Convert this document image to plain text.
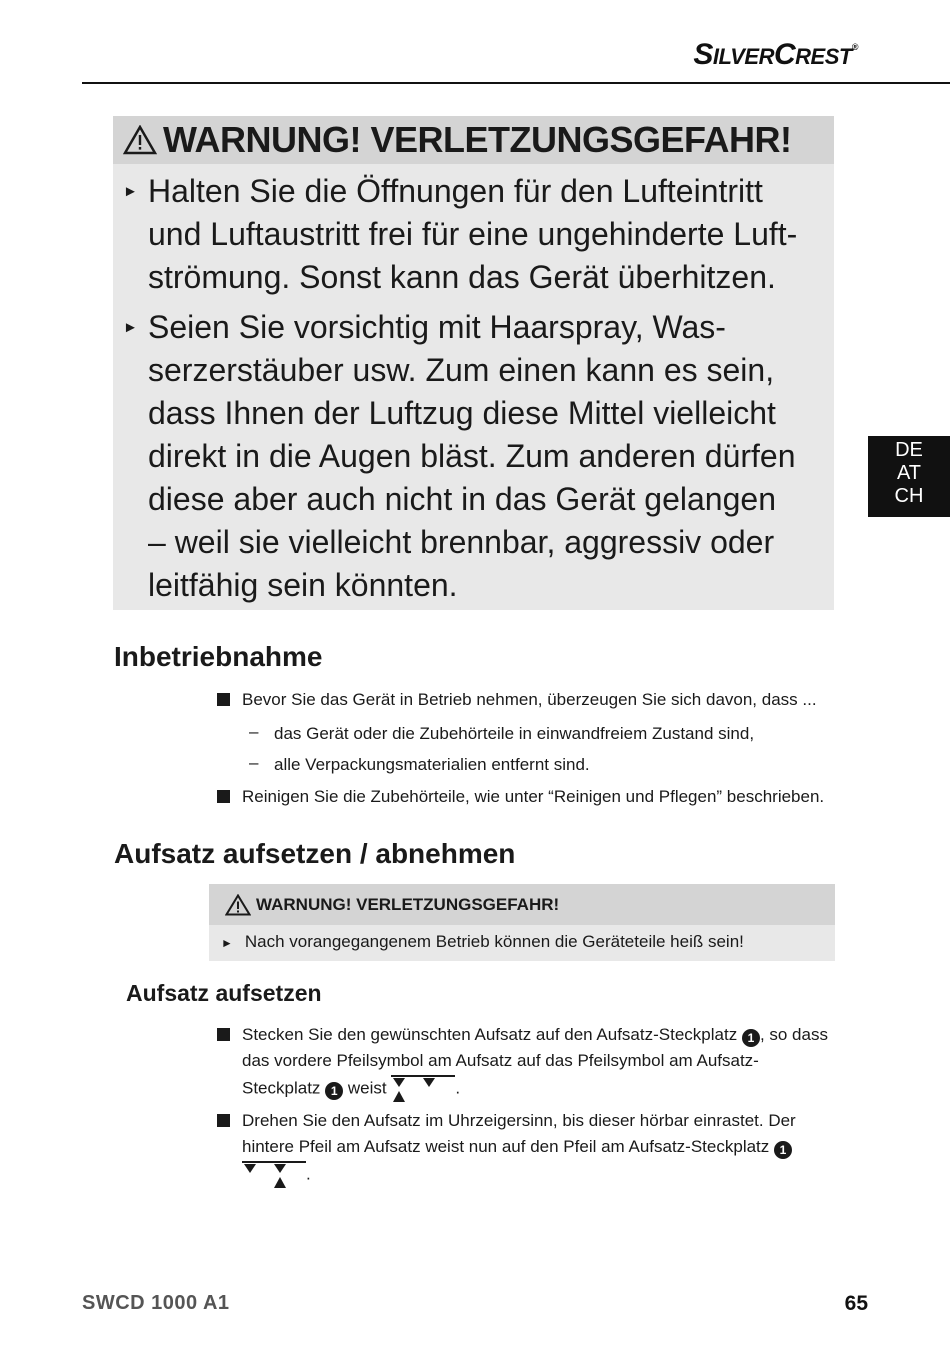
SILVERCREST®
DE
AT
CH
WARNUNG! VERLETZUNGSGEFAHR!
► Halten Sie die Öffnungen für den Lufteintritt
und Luftaustritt frei für eine ungehinderte Luft-
strömung. Sonst kann das Gerät überhitzen.
► Seien Sie vorsichtig mit Haarspray, Was-
serzerstäuber usw. Zum einen kann es sein,
dass Ihnen der Luftzug diese Mittel vielleicht
direkt in die Augen bläst. Zum anderen dürfen
diese aber auch nicht in das Gerät gelangen
– weil sie vielleicht brennbar, aggressiv oder
leitfähig sein könnten.
Inbetriebnahme
Bevor Sie das Gerät in Betrieb nehmen, überzeugen Sie sich davon, dass ...
– das Gerät oder die Zubehörteile in einwandfreiem Zustand sind,
– alle Verpackungsmaterialien entfernt sind.
Reinigen Sie die Zubehörteile, wie unter “Reinigen und Pflegen” beschrieben.
Aufsatz aufsetzen / abnehmen
WARNUNG! VERLETZUNGSGEFAHR!
► Nach vorangegangenem Betrieb können die Geräteteile heiß sein!
Aufsatz aufsetzen
Stecken Sie den gewünschten Aufsatz auf den Aufsatz-Steckplatz 1 , so dass das vordere Pfeilsymbol am Aufsatz auf das Pfeilsymbol am Aufsatz-Steckplatz 1 weist	.
Drehen Sie den Aufsatz im Uhrzeigersinn, bis dieser hörbar einrastet. Der hintere Pfeil am Aufsatz weist nun auf den Pfeil am Aufsatz-Steckplatz 1
.
SWCD 1000 A1	65
